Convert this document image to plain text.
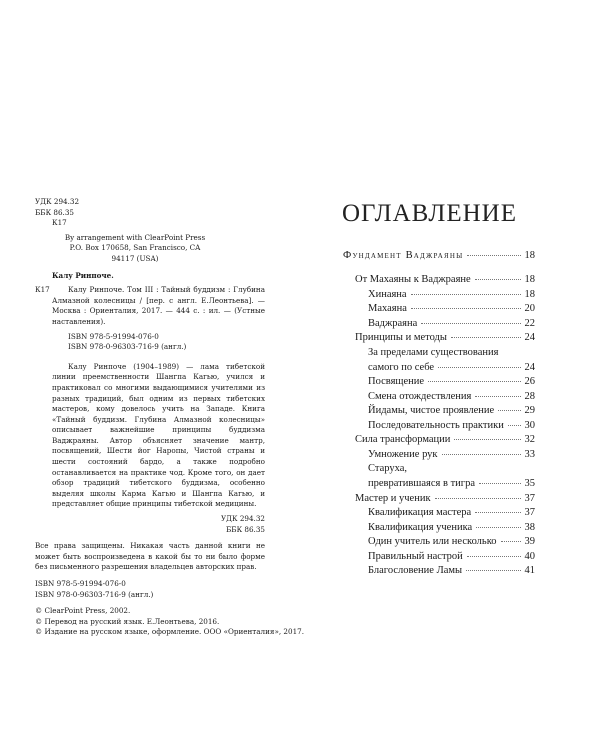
УДК 294.32
ББК 86.35
К17
By arrangement with ClearPoint Press
P.O. Box 170658, San Francisco, CA
94117 (USA)
Калу Ринпоче.
К17	Калу Ринпоче. Том III : Тайный буддизм : Глубина Алмазной колесницы / [пер. с англ. Е.Леонтьева]. — Москва : Ориенталия, 2017. — 444 с. : ил. — (Устные наставления).
ISBN 978-5-91994-076-0
ISBN 978-0-96303-716-9 (англ.)
Калу Ринпоче (1904–1989) — лама тибетской линии преемственности Шангпа Кагью, учился и практиковал со многими выдающимися учителями из разных традиций, был одним из первых тибетских мастеров, кому довелось учить на Западе. Книга «Тайный буддизм. Глубина Алмазной колесницы» описывает важнейшие принципы буддизма Ваджраяны. Автор объясняет значение мантр, посвящений, Шести йог Наропы, Чистой страны и шести состояний бардо, а также подробно останавливается на практике чод. Кроме того, он дает обзор традиций тибетского буддизма, особенно выделяя школы Карма Кагью и Шангпа Кагью, и представляет общие принципы тибетской медицины.
УДК 294.32
ББК 86.35
Все права защищены. Никакая часть данной книги не может быть воспроизведена в какой бы то ни было форме без письменного разрешения владельцев авторских прав.
ISBN 978-5-91994-076-0
ISBN 978-0-96303-716-9 (англ.)
© ClearPoint Press, 2002.
© Перевод на русский язык. Е.Леонтьева, 2016.
© Издание на русском языке, оформление. ООО «Ориенталия», 2017.
ОГЛАВЛЕНИЕ
Фундамент Ваджраяны	18
От Махаяны к Ваджраяне	18
Хинаяна	18
Махаяна	20
Ваджраяна	22
Принципы и методы	24
За пределами существования
самого по себе	24
Посвящение	26
Смена отождествления	28
Йидамы, чистое проявление	29
Последовательность практики 30
Сила трансформации	32
Умножение рук	33
Старуха,
превратившаяся в тигра	35
Мастер и ученик	37
Квалификация мастера	37
Квалификация ученика	38
Один учитель или несколько	39
Правильный настрой	40
Благословение Ламы	41
